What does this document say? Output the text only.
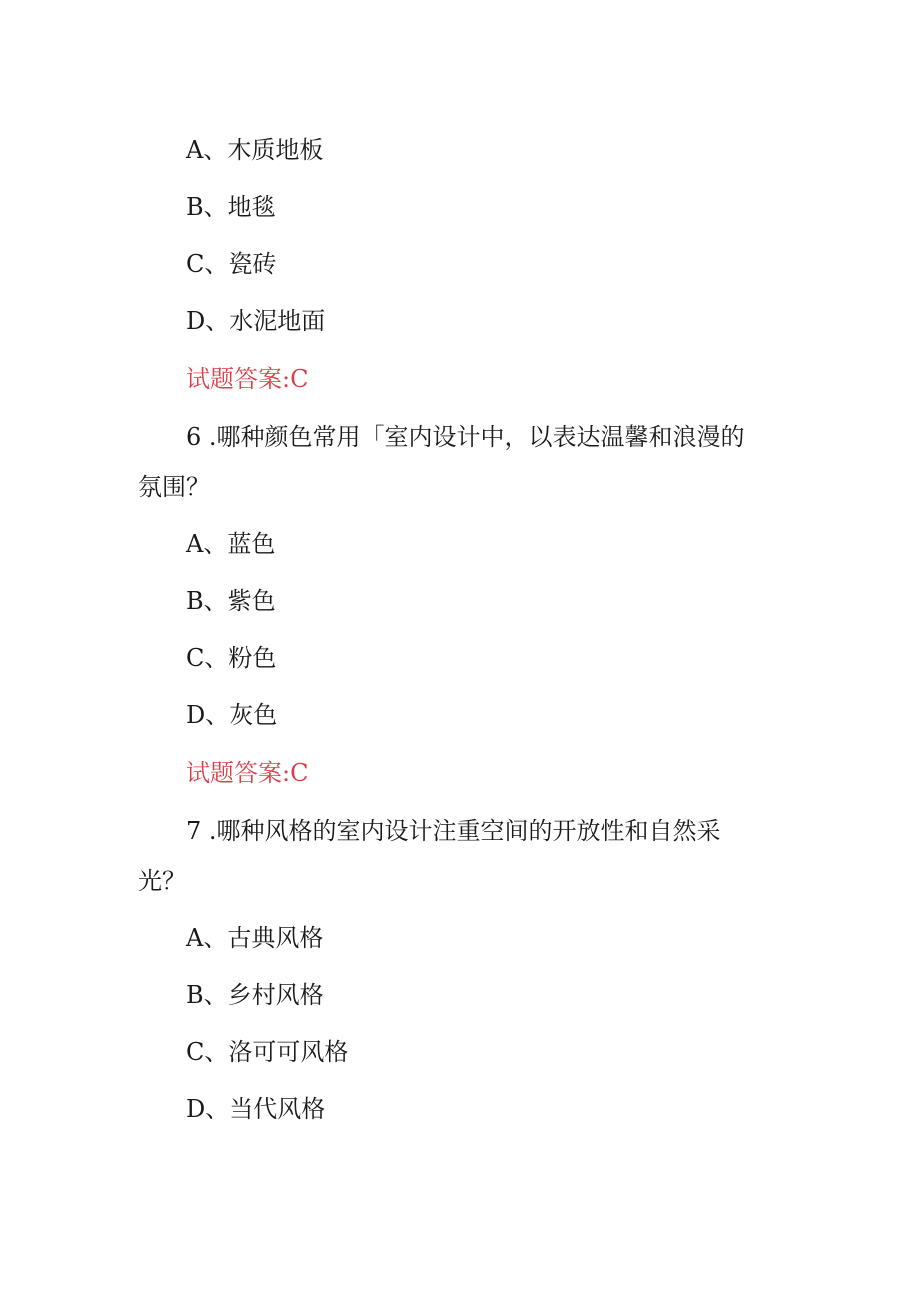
A、木质地板
B、地毯
C、瓷砖
D、水泥地面
试题答案:C
6 .哪种颜色常用「室内设计中，以表达温馨和浪漫的
氛围？
A、蓝色
B、紫色
C、粉色
D、灰色
试题答案:C
7 .哪种风格的室内设计注重空间的开放性和自然采
光？
A、古典风格
B、乡村风格
C、洛可可风格
D、当代风格
